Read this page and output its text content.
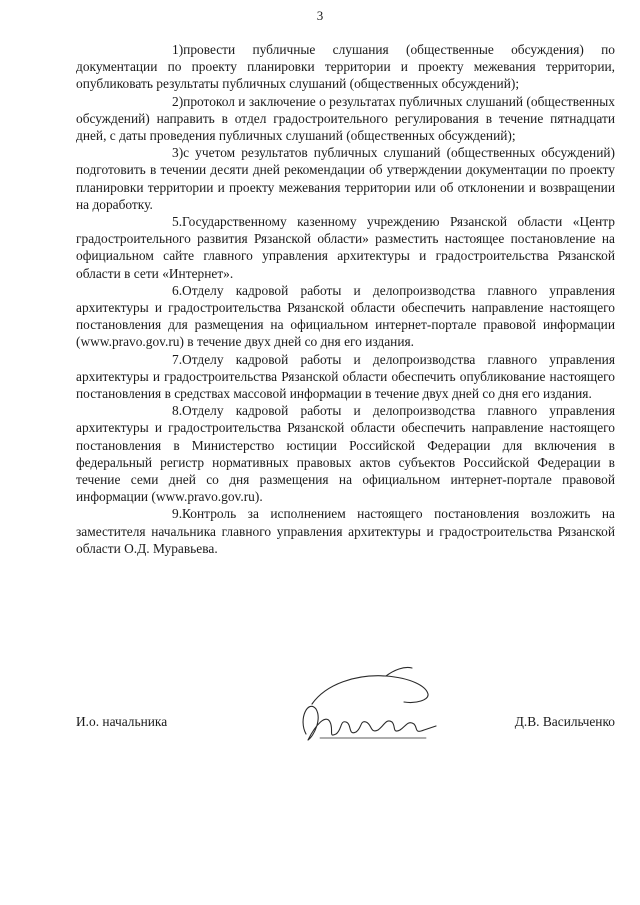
3

1)провести публичные слушания (общественные обсуждения) по документации по проекту планировки территории и проекту межевания территории, опубликовать результаты публичных слушаний (общественных обсуждений);

2)протокол и заключение о результатах публичных слушаний (общественных обсуждений) направить в отдел градостроительного регулирования в течение пятнадцати дней, с даты проведения публичных слушаний (общественных обсуждений);

3)с учетом результатов публичных слушаний (общественных обсуждений) подготовить в течении десяти дней рекомендации об утверждении документации по проекту планировки территории и проекту межевания территории или об отклонении и возвращении на доработку.

5.Государственному казенному учреждению Рязанской области «Центр градостроительного развития Рязанской области» разместить настоящее постановление на официальном сайте главного управления архитектуры и градостроительства Рязанской области в сети «Интернет».

6.Отделу кадровой работы и делопроизводства главного управления архитектуры и градостроительства Рязанской области обеспечить направление настоящего постановления для размещения на официальном интернет-портале правовой информации (www.pravo.gov.ru) в течение двух дней со дня его издания.

7.Отделу кадровой работы и делопроизводства главного управления архитектуры и градостроительства Рязанской области обеспечить опубликование настоящего постановления в средствах массовой информации в течение двух дней со дня его издания.

8.Отделу кадровой работы и делопроизводства главного управления архитектуры и градостроительства Рязанской области обеспечить направление настоящего постановления в Министерство юстиции Российской Федерации для включения в федеральный регистр нормативных правовых актов субъектов Российской Федерации в течение семи дней со дня размещения на официальном интернет-портале правовой информации (www.pravo.gov.ru).

9.Контроль за исполнением настоящего постановления возложить на заместителя начальника главного управления архитектуры и градостроительства Рязанской области О.Д. Муравьева.

И.о. начальника	Д.В. Васильченко
